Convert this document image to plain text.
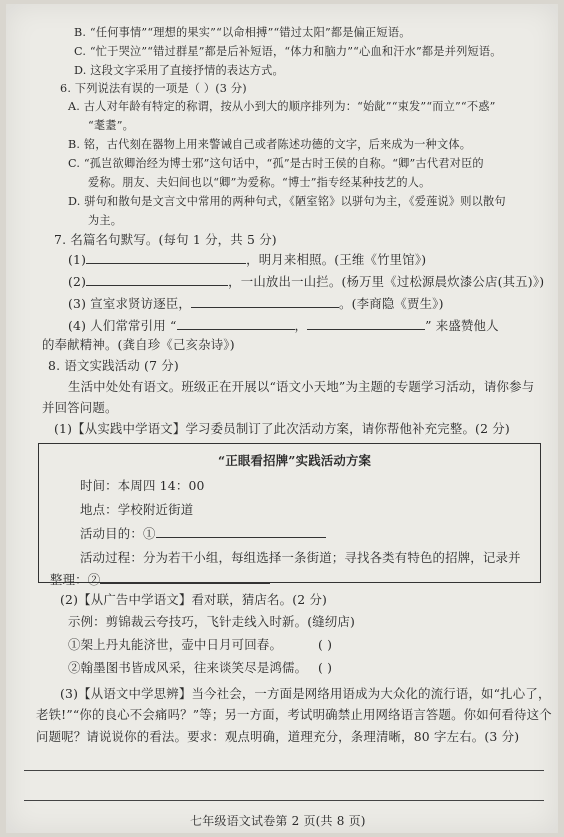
B. “任何事情”“理想的果实”“以命相搏”“错过太阳”都是偏正短语。
C. “忙于哭泣”“错过群星”都是后补短语，“体力和脑力”“心血和汗水”都是并列短语。
D. 这段文字采用了直接抒情的表达方式。
6. 下列说法有误的一项是（ ）(3 分)
A. 古人对年龄有特定的称谓，按从小到大的顺序排列为：“始龀”“束发”“而立”“不惑”
“耄耋”。
B. 铭，古代刻在器物上用来警诫自己或者陈述功德的文字，后来成为一种文体。
C. “孤岂欲卿治经为博士邪”这句话中，“孤”是古时王侯的自称。“卿”古代君对臣的
爱称。朋友、夫妇间也以“卿”为爱称。“博士”指专经某种技艺的人。
D. 骈句和散句是文言文中常用的两种句式，《陋室铭》以骈句为主，《爱莲说》则以散句
为主。
7. 名篇名句默写。(每句 1 分，共 5 分)
(1)	，明月来相照。(王维《竹里馆》)
(2)	，一山放出一山拦。(杨万里《过松源晨炊漆公店(其五)》)
(3) 宣室求贤访逐臣，	。(李商隐《贾生》)
(4) 人们常常引用 “	，	” 来盛赞他人
的奉献精神。(龚自珍《己亥杂诗》)
8. 语文实践活动 (7 分)
生活中处处有语文。班级正在开展以“语文小天地”为主题的专题学习活动，请你参与
并回答问题。
(1)【从实践中学语文】学习委员制订了此次活动方案，请你帮他补充完整。(2 分)
“正眼看招牌”实践活动方案
时间：本周四 14：00
地点：学校附近街道
活动目的：①
活动过程：分为若干小组，每组选择一条街道；寻找各类有特色的招牌，记录并
整理：②
(2)【从广告中学语文】看对联，猜店名。(2 分)
示例：剪锦裁云夸技巧，飞针走线入时新。(缝纫店)
①架上丹丸能济世，壶中日月可回春。	( )
②翰墨图书皆成风采，往来谈笑尽是鸿儒。 ( )
(3)【从语文中学思辨】当今社会，一方面是网络用语成为大众化的流行语，如“扎心了，
老铁!”“你的良心不会痛吗？”等；另一方面，考试明确禁止用网络语言答题。你如何看待这个
问题呢？请说说你的看法。要求：观点明确，道理充分，条理清晰，80 字左右。(3 分)
七年级语文试卷第 2 页(共 8 页)
